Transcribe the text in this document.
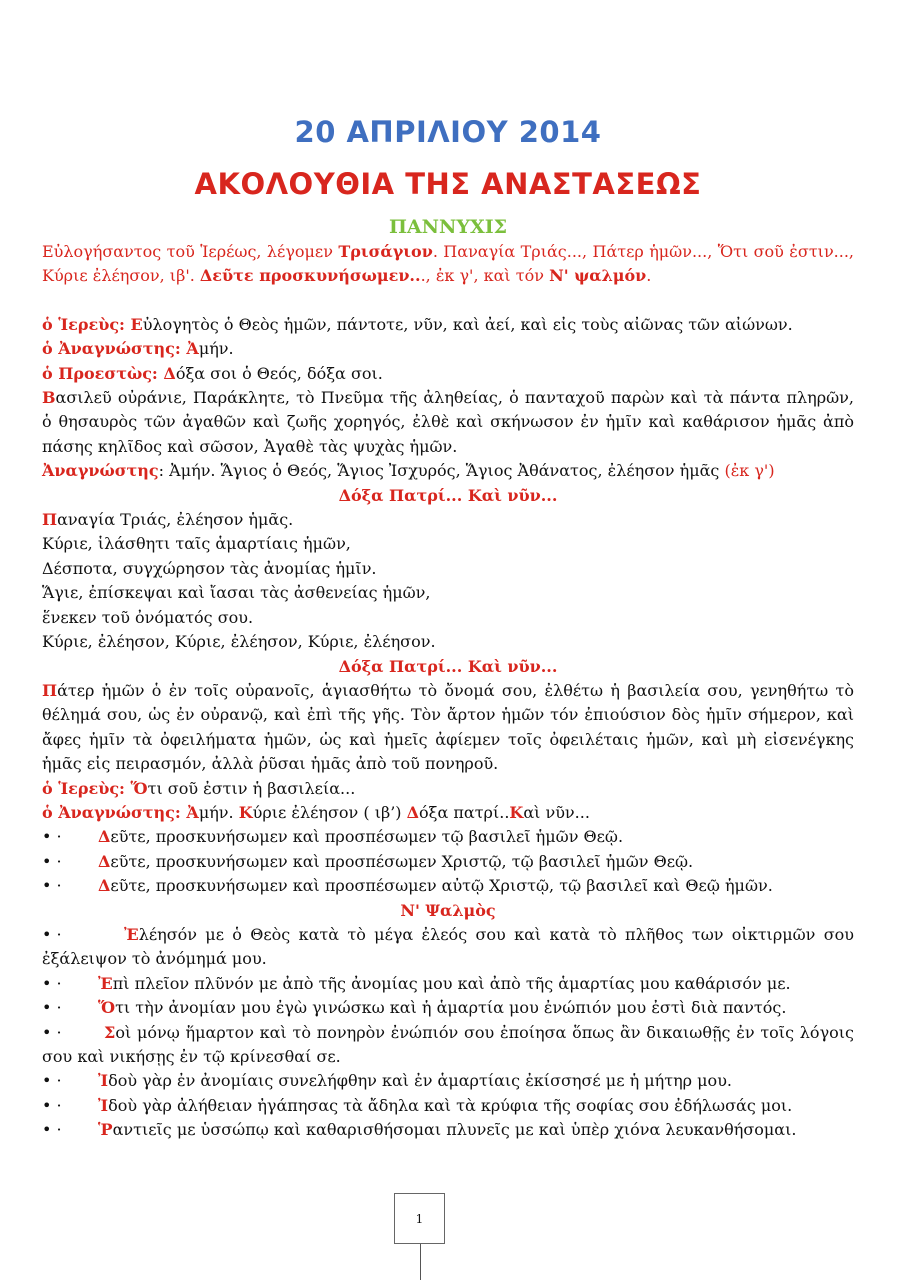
20 ΑΠΡΙΛΙΟΥ 2014
ΑΚΟΛΟΥΘΙΑ ΤΗΣ ΑΝΑΣΤΑΣΕΩΣ
ΠΑΝΝΥΧΙΣ

Εὐλογήσαντος τοῦ Ἱερέως, λέγομεν Τρισάγιον. Παναγία Τριάς..., Πάτερ ἡμῶν..., Ὅτι σοῦ ἐστιν..., Κύριε ἐλέησον, ιβ'. Δεῦτε προσκυνήσωμεν..., ἐκ γ', καὶ τόν Ν' ψαλμόν.

ὁ Ἱερεὺς: Εὐλογητὸς ὁ Θεὸς ἡμῶν, πάντοτε, νῦν, καὶ ἀεί, καὶ εἰς τοὺς αἰῶνας τῶν αἰώνων.

ὁ Ἀναγνώστης: Ἀμήν.

ὁ Προεστὼς: Δόξα σοι ὁ Θεός, δόξα σοι.

Βασιλεῦ οὐράνιε, Παράκλητε, τὸ Πνεῦμα τῆς ἀληθείας, ὁ πανταχοῦ παρὼν καὶ τὰ πάντα πληρῶν, ὁ θησαυρὸς τῶν ἀγαθῶν καὶ ζωῆς χορηγός, ἐλθὲ καὶ σκήνωσον ἐν ἡμῖν καὶ καθάρισον ἡμᾶς ἀπὸ πάσης κηλῖδος καὶ σῶσον, Ἀγαθὲ τὰς ψυχὰς ἡμῶν.

Ἀναγνώστης: Ἀμήν. Ἅγιος ὁ Θεός, Ἅγιος Ἰσχυρός, Ἅγιος Ἀθάνατος, ἐλέησον ἡμᾶς (ἐκ γ')

Δόξα Πατρί... Καὶ νῦν...

Παναγία Τριάς, ἐλέησον ἡμᾶς.

Κύριε, ἱλάσθητι ταῖς ἁμαρτίαις ἡμῶν,

Δέσποτα, συγχώρησον τὰς ἀνομίας ἡμῖν.

Ἅγιε, ἐπίσκεψαι καὶ ἴασαι τὰς ἀσθενείας ἡμῶν,

ἕνεκεν τοῦ ὀνόματός σου.

Κύριε, ἐλέησον, Κύριε, ἐλέησον, Κύριε, ἐλέησον.

Δόξα Πατρί... Καὶ νῦν...

Πάτερ ἡμῶν ὁ ἐν τοῖς οὐρανοῖς, ἁγιασθήτω τὸ ὄνομά σου, ἐλθέτω ἡ βασιλεία σου, γενηθήτω τὸ θέλημά σου, ὡς ἐν οὐρανῷ, καὶ ἐπὶ τῆς γῆς. Τὸν ἄρτον ἡμῶν τόν ἐπιούσιον δὸς ἡμῖν σήμερον, καὶ ἄφες ἡμῖν τὰ ὀφειλήματα ἡμῶν, ὡς καὶ ἡμεῖς ἀφίεμεν τοῖς ὀφειλέταις ἡμῶν, καὶ μὴ εἰσενέγκης ἡμᾶς εἰς πειρασμόν, ἀλλὰ ῥῦσαι ἡμᾶς ἀπὸ τοῦ πονηροῦ.

ὁ Ἱερεὺς: Ὅτι σοῦ ἐστιν ἡ βασιλεία...

ὁ Ἀναγνώστης: Ἀμήν. Κύριε ἐλέησον ( ιβ’) Δόξα πατρί..Καὶ νῦν...

• ·	Δεῦτε, προσκυνήσωμεν καὶ προσπέσωμεν τῷ βασιλεῖ ἡμῶν Θεῷ.

• ·	Δεῦτε, προσκυνήσωμεν καὶ προσπέσωμεν Χριστῷ, τῷ βασιλεῖ ἡμῶν Θεῷ.

• ·	Δεῦτε, προσκυνήσωμεν καὶ προσπέσωμεν αὐτῷ Χριστῷ, τῷ βασιλεῖ καὶ Θεῷ ἡμῶν.

Ν' Ψαλμὸς

• ·	Ἐλέησόν με ὁ Θεὸς κατὰ τὸ μέγα ἐλεός σου καὶ κατὰ τὸ πλῆθος των οἰκτιρμῶν σου ἐξάλειψον τὸ ἀνόμημά μου.

• ·	Ἐπὶ πλεῖον πλῦνόν με ἀπὸ τῆς ἀνομίας μου καὶ ἀπὸ τῆς ἁμαρτίας μου καθάρισόν με.

• ·	Ὅτι τὴν ἀνομίαν μου ἐγὼ γινώσκω καὶ ἡ ἁμαρτία μου ἐνώπιόν μου ἐστὶ διὰ παντός.

• ·	Σοὶ μόνῳ ἥμαρτον καὶ τὸ πονηρὸν ἐνώπιόν σου ἐποίησα ὅπως ἂν δικαιωθῇς ἐν τοῖς λόγοις σου καὶ νικήσῃς ἐν τῷ κρίνεσθαί σε.

• ·	Ἰδοὺ γὰρ ἐν ἀνομίαις συνελήφθην καὶ ἐν ἁμαρτίαις ἐκίσσησέ με ἡ μήτηρ μου.

• ·	Ἰδοὺ γὰρ ἀλήθειαν ἠγάπησας τὰ ἄδηλα καὶ τὰ κρύφια τῆς σοφίας σου ἐδήλωσάς μοι.

• ·	Ῥαντιεῖς με ὑσσώπῳ καὶ καθαρισθήσομαι πλυνεῖς με καὶ ὑπὲρ χιόνα λευκανθήσομαι.

1
